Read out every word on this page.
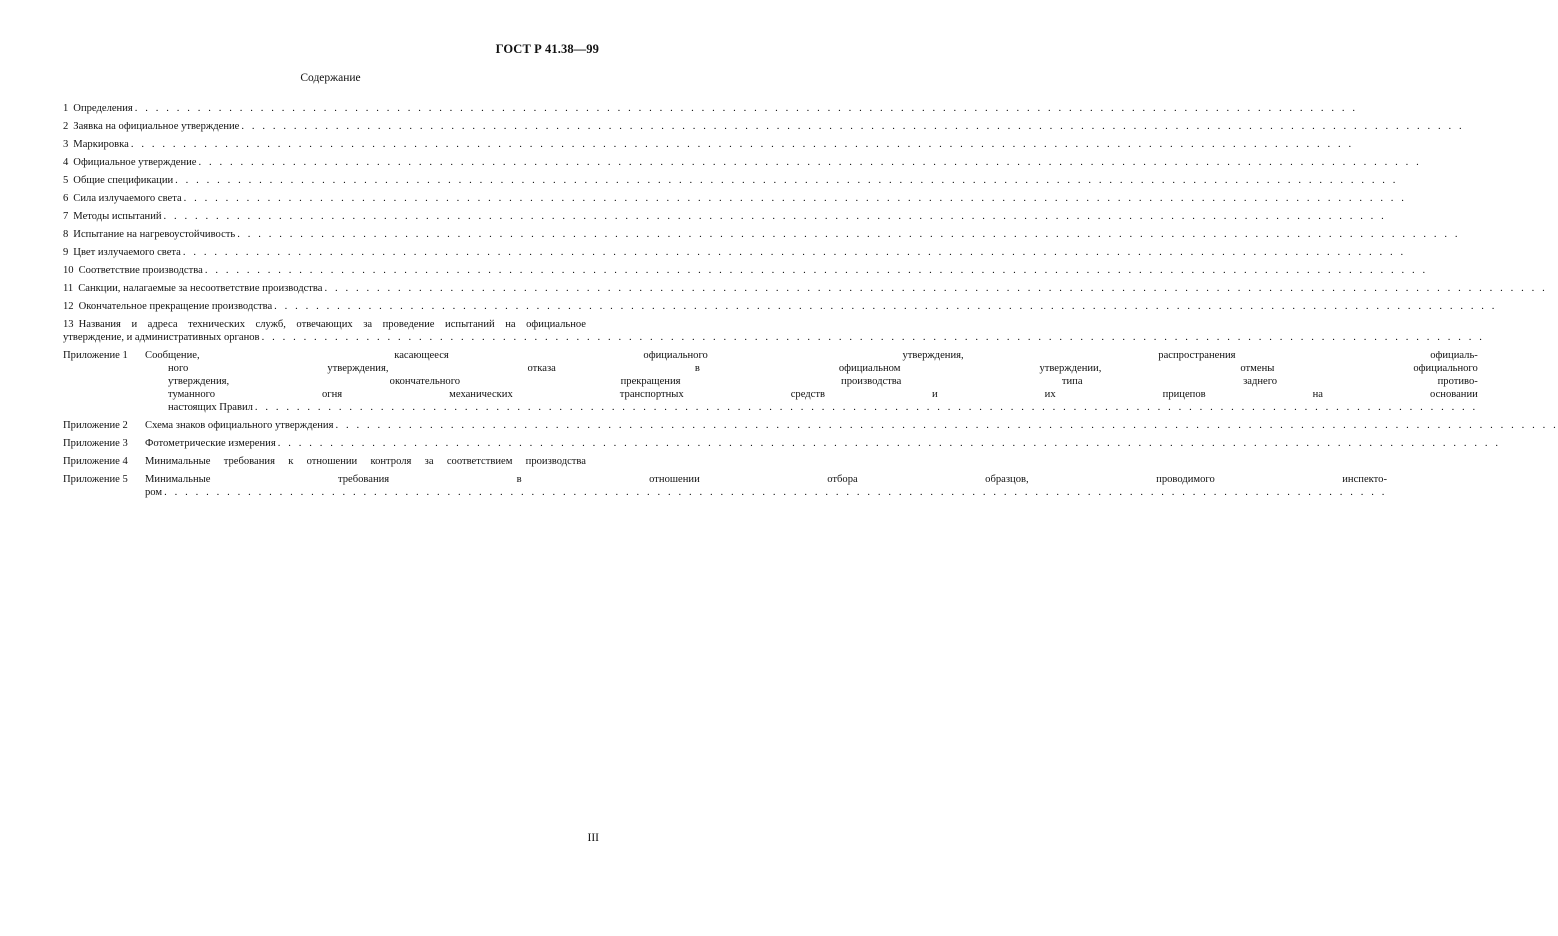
ГОСТ Р 41.38—99
Содержание
1 Определения
. . .
2 Заявка на официальное утверждение
. . .
3 Маркировка
. . .
4 Официальное утверждение
. . .
5 Общие спецификации
. . .
6 Сила излучаемого света
. . .
7 Методы испытаний
. . .
8 Испытание на нагревоустойчивость
. . .
9 Цвет излучаемого света
. . .
10 Соответствие производства
. . .
11 Санкции, налагаемые за несоответствие производства
. . .
12 Окончательное прекращение производства
. . .
13 Названия и адреса технических служб, отвечающих за проведение испытаний на официальное
утверждение, и административных органов
. . .
Приложение 1	Сообщение, касающееся официального утверждения, распространения официаль-
ного утверждения, отказа в официальном утверждении, отмены официального
утверждения, окончательного прекращения производства типа заднего противо-
туманного огня механических транспортных средств и их прицепов на основании
настоящих Правил
. . .
Приложение 2	Схема знаков официального утверждения
. . .
Приложение 3	Фотометрические измерения
. . .
Приложение 4	Минимальные требования к отношении контроля за соответствием производства
Приложение 5	Минимальные требования в отношении отбора образцов, проводимого инспекто-
ром
. . .
III
